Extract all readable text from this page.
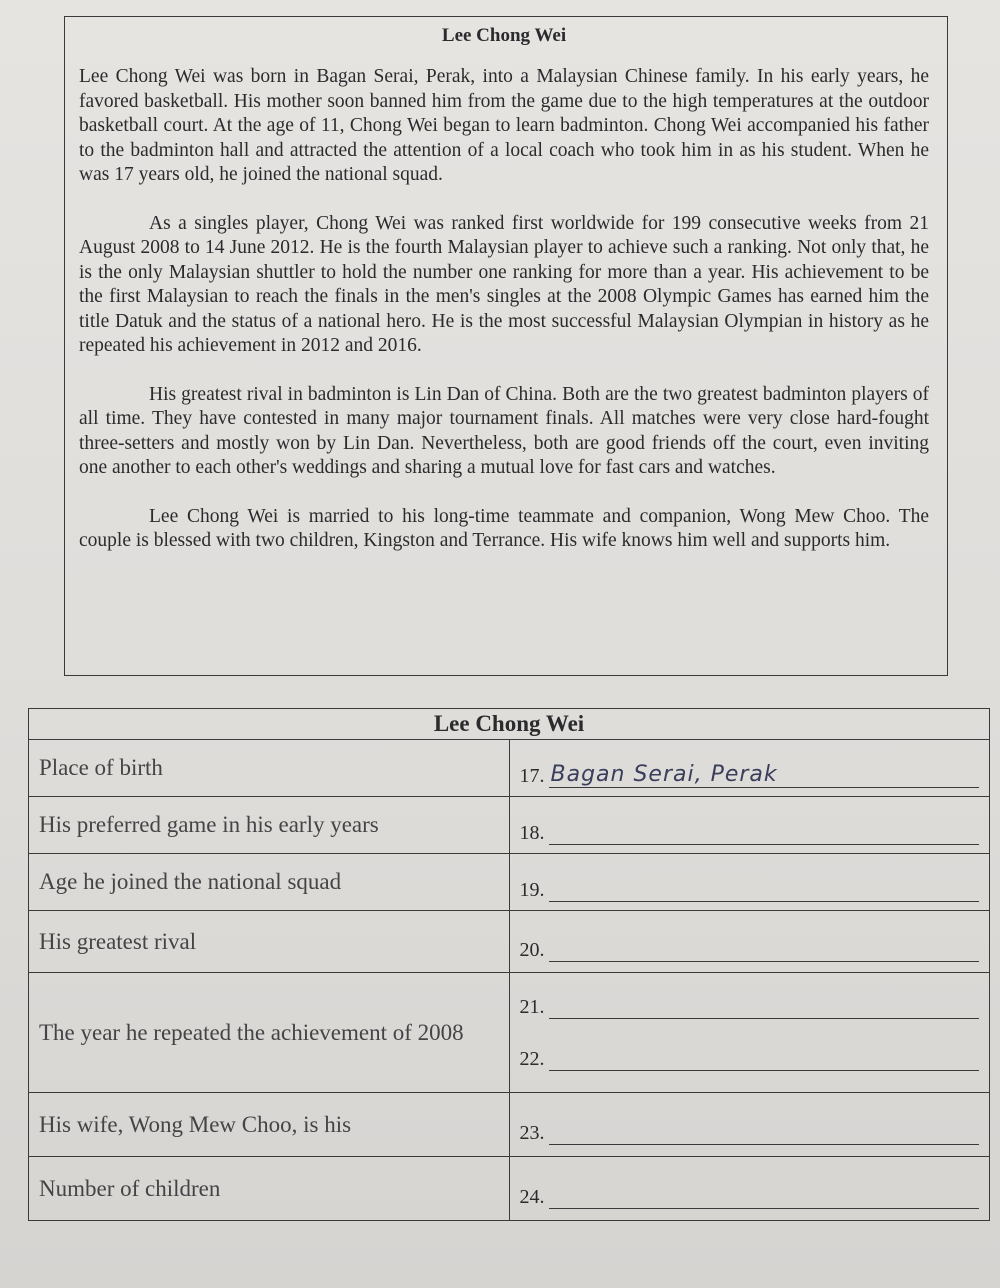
Lee Chong Wei

Lee Chong Wei was born in Bagan Serai, Perak, into a Malaysian Chinese family. In his early years, he favored basketball. His mother soon banned him from the game due to the high temperatures at the outdoor basketball court. At the age of 11, Chong Wei began to learn badminton. Chong Wei accompanied his father to the badminton hall and attracted the attention of a local coach who took him in as his student. When he was 17 years old, he joined the national squad.

As a singles player, Chong Wei was ranked first worldwide for 199 consecutive weeks from 21 August 2008 to 14 June 2012. He is the fourth Malaysian player to achieve such a ranking. Not only that, he is the only Malaysian shuttler to hold the number one ranking for more than a year. His achievement to be the first Malaysian to reach the finals in the men's singles at the 2008 Olympic Games has earned him the title Datuk and the status of a national hero. He is the most successful Malaysian Olympian in history as he repeated his achievement in 2012 and 2016.

His greatest rival in badminton is Lin Dan of China. Both are the two greatest badminton players of all time. They have contested in many major tournament finals. All matches were very close hard-fought three-setters and mostly won by Lin Dan. Nevertheless, both are good friends off the court, even inviting one another to each other's weddings and sharing a mutual love for fast cars and watches.

Lee Chong Wei is married to his long-time teammate and companion, Wong Mew Choo. The couple is blessed with two children, Kingston and Terrance. His wife knows him well and supports him.

Lee Chong Wei	
Place of birth	17. Bagan Serai, Perak

His preferred game in his early years	18.

Age he joined the national squad	19.

His greatest rival	20.

The year he repeated the achievement of 2008	21.
22.

His wife, Wong Mew Choo, is his	23.

Number of children	24.
